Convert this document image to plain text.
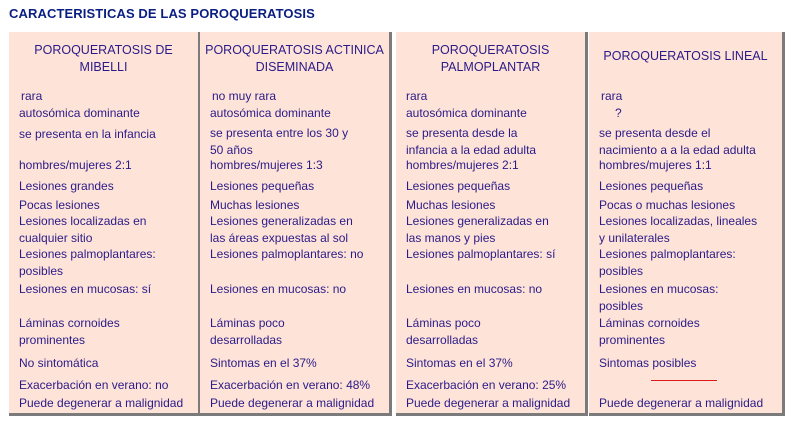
CARACTERISTICAS DE LAS POROQUERATOSIS
POROQUERATOSIS DE
MIBELLI
rara
autosómica dominante
se presenta en la infancia
hombres/mujeres 2:1
Lesiones grandes
Pocas lesiones
Lesiones localizadas en
cualquier sitio
Lesiones palmoplantares:
posibles
Lesiones en mucosas: sí
Láminas cornoides
prominentes
No sintomática
Exacerbación en verano: no
Puede degenerar a malignidad
POROQUERATOSIS ACTINICA
DISEMINADA
no muy rara
autosómica dominante
se presenta entre los 30 y
50 años
hombres/mujeres 1:3
Lesiones pequeñas
Muchas lesiones
Lesiones generalizadas en
las áreas expuestas al sol
Lesiones palmoplantares: no
Lesiones en mucosas: no
Láminas poco
desarrolladas
Sintomas en el 37%
Exacerbación en verano: 48%
Puede degenerar a malignidad
POROQUERATOSIS
PALMOPLANTAR
rara
autosómica dominante
se presenta desde la
infancia a la edad adulta
hombres/mujeres 2:1
Lesiones pequeñas
Muchas lesiones
Lesiones generalizadas en
las manos y pies
Lesiones palmoplantares: sí
Lesiones en mucosas: no
Láminas poco
desarrolladas
Sintomas en el 37%
Exacerbación en verano: 25%
Puede degenerar a malignidad
POROQUERATOSIS LINEAL
rara
?
se presenta desde el
nacimiento a a la edad adulta
hombres/mujeres 1:1
Lesiones pequeñas
Pocas o muchas lesiones
Lesiones localizadas, lineales
y unilaterales
Lesiones palmoplantares:
posibles
Lesiones en mucosas:
posibles
Láminas cornoides
prominentes
Sintomas posibles
Puede degenerar a malignidad
